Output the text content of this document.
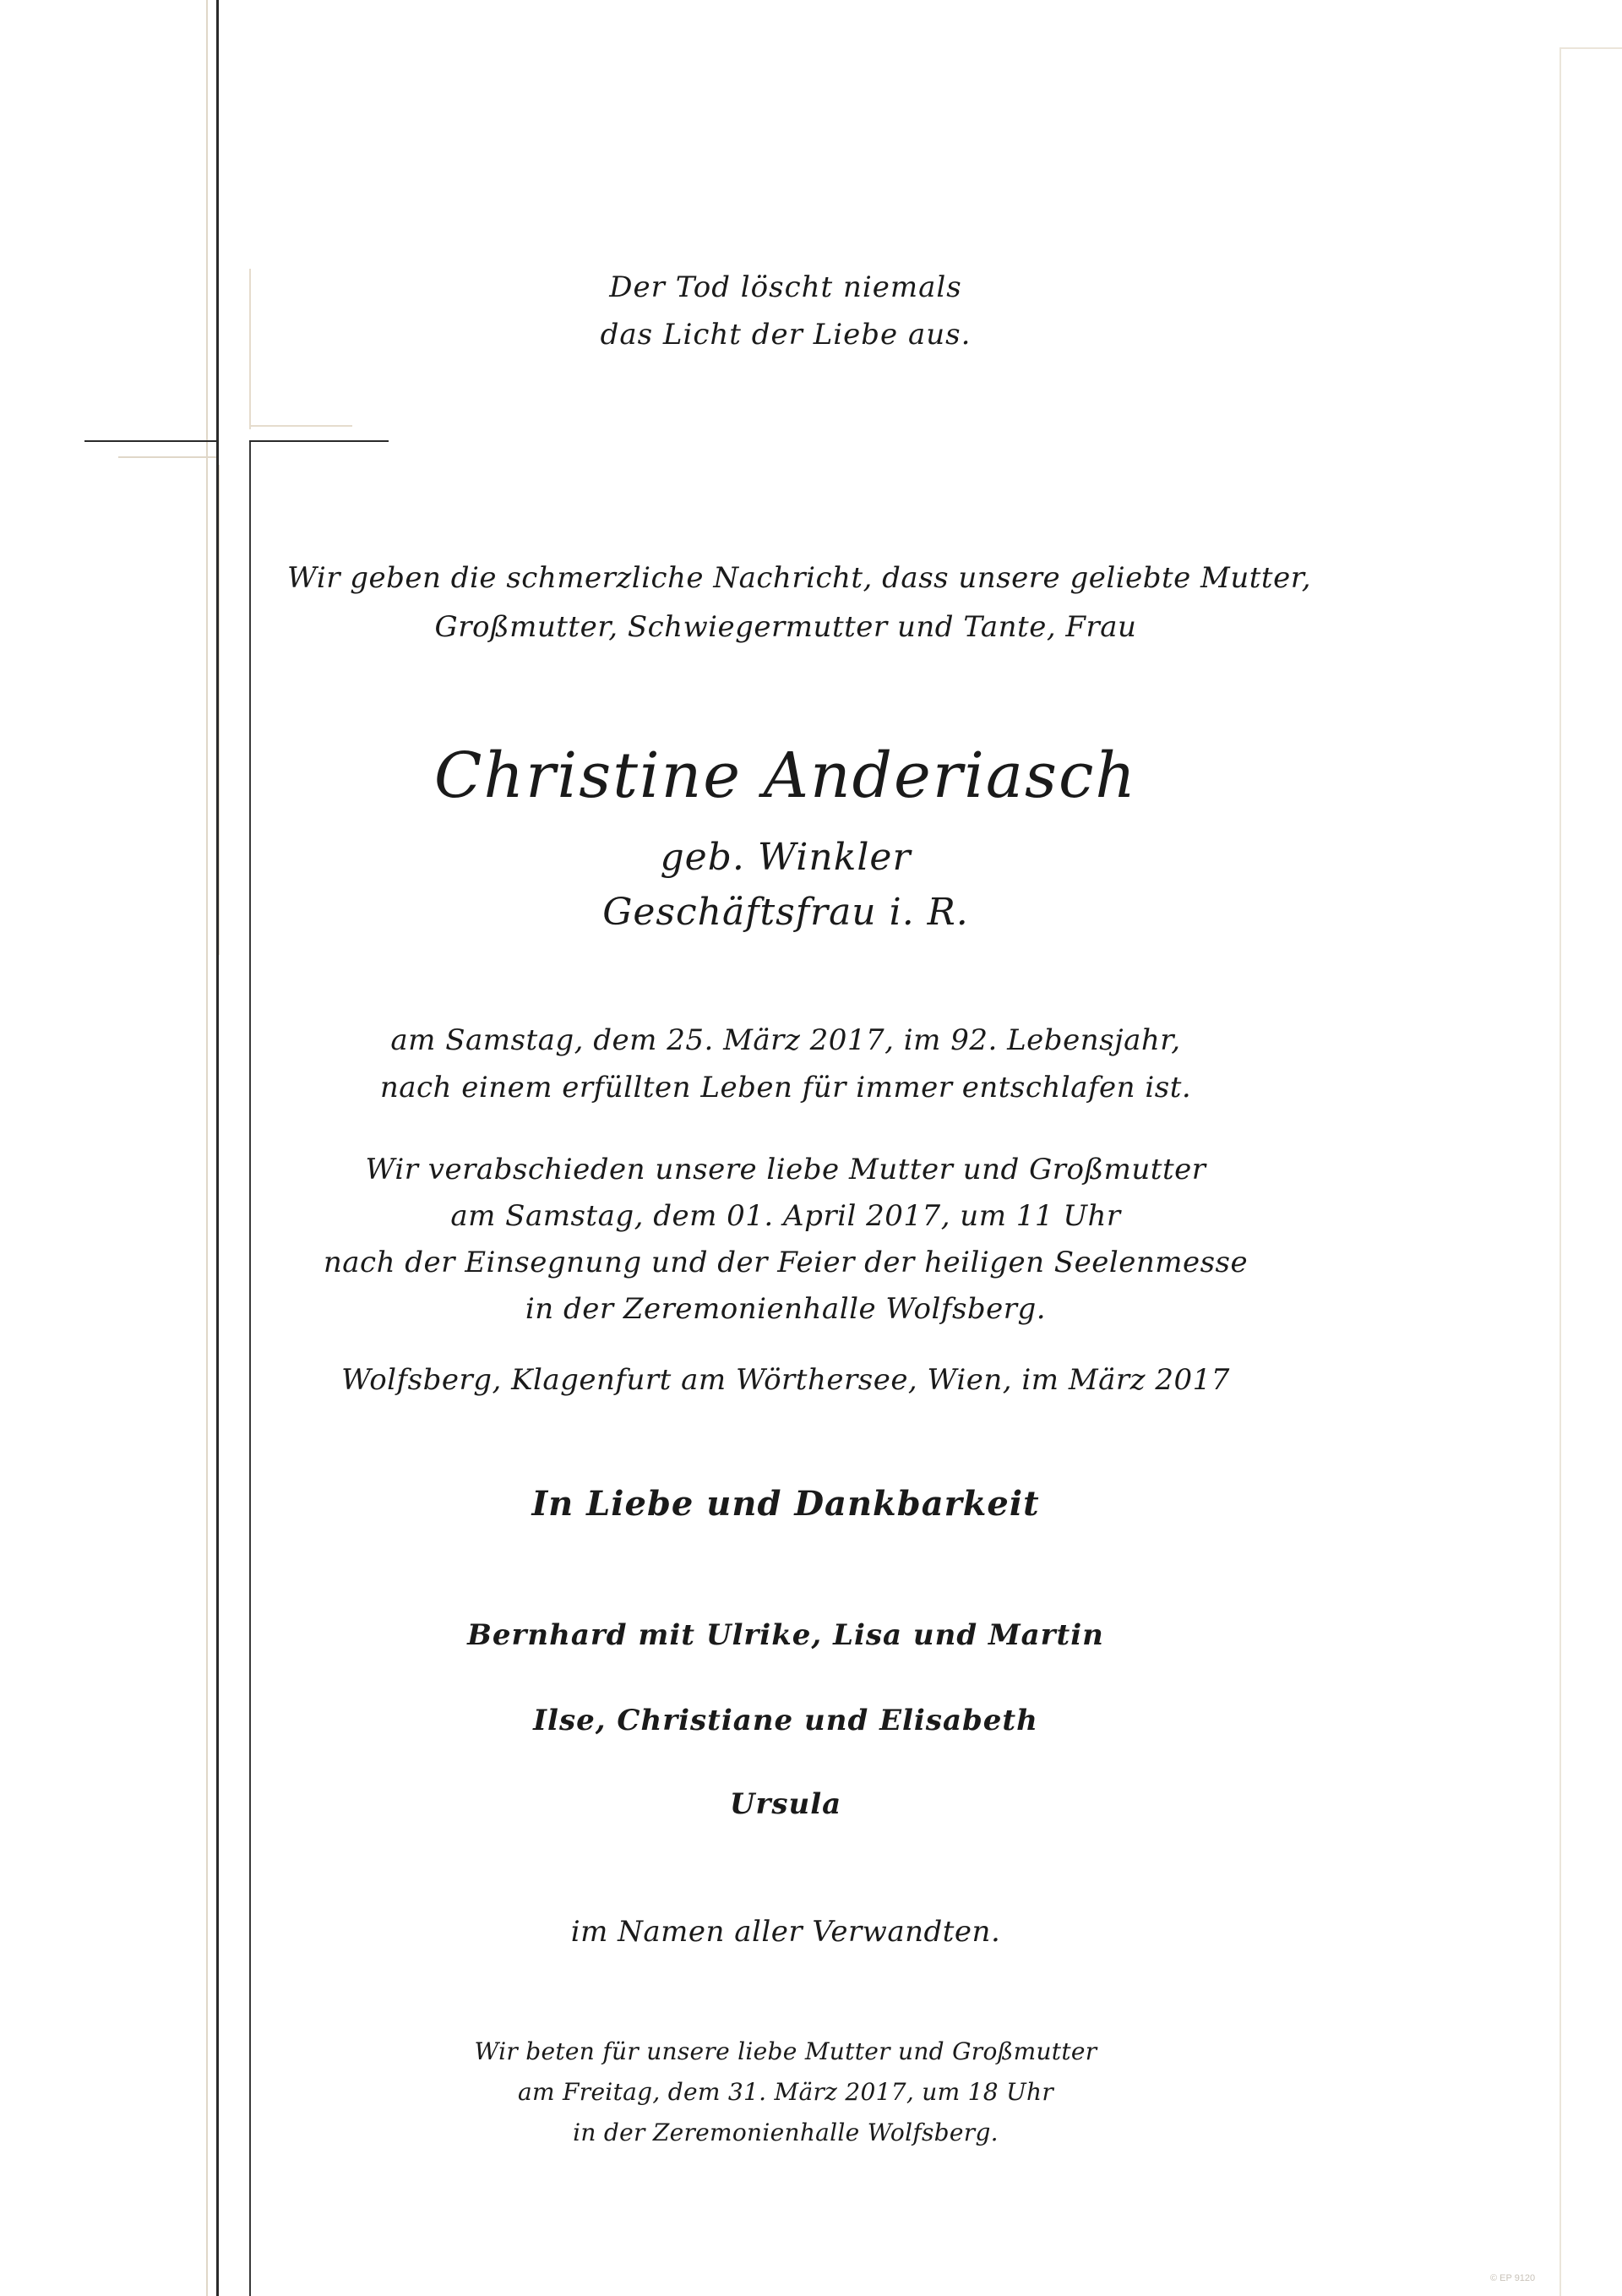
Der Tod löscht niemals
das Licht der Liebe aus.

Wir geben die schmerzliche Nachricht, dass unsere geliebte Mutter,
Großmutter, Schwiegermutter und Tante, Frau

Christine Anderiasch

geb. Winkler

Geschäftsfrau i. R.

am Samstag, dem 25. März 2017, im 92. Lebensjahr,
nach einem erfüllten Leben für immer entschlafen ist.

Wir verabschieden unsere liebe Mutter und Großmutter
am Samstag, dem 01. April 2017, um 11 Uhr
nach der Einsegnung und der Feier der heiligen Seelenmesse
in der Zeremonienhalle Wolfsberg.

Wolfsberg, Klagenfurt am Wörthersee, Wien, im März 2017

In Liebe und Dankbarkeit

Bernhard mit Ulrike, Lisa und Martin

Ilse, Christiane und Elisabeth

Ursula

im Namen aller Verwandten.

Wir beten für unsere liebe Mutter und Großmutter
am Freitag, dem 31. März 2017, um 18 Uhr
in der Zeremonienhalle Wolfsberg.

© EP 9120
